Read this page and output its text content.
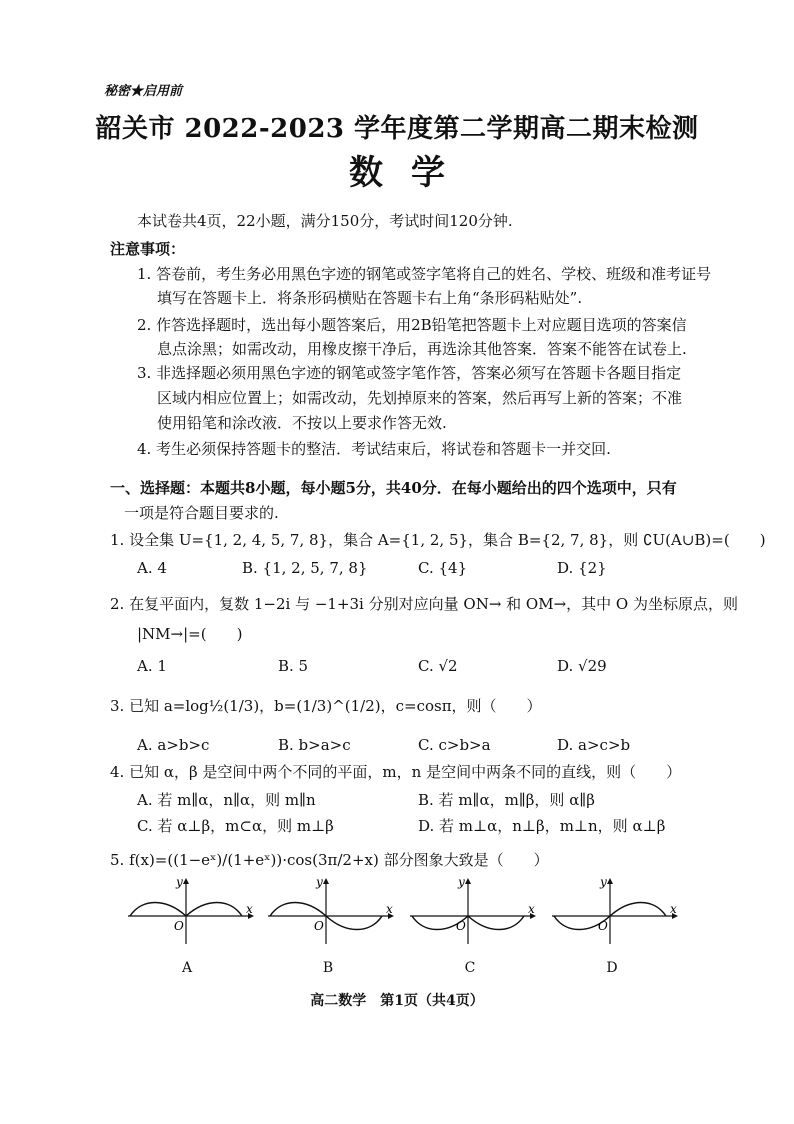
秘密★启用前
韶关市 2022-2023 学年度第二学期高二期末检测
数学
本试卷共4页，22小题，满分150分，考试时间120分钟.
注意事项：
1. 答卷前，考生务必用黑色字迹的钢笔或签字笔将自己的姓名、学校、班级和准考证号
填写在答题卡上．将条形码横贴在答题卡右上角“条形码粘贴处”.
2. 作答选择题时，选出每小题答案后，用2B铅笔把答题卡上对应题目选项的答案信
息点涂黑；如需改动，用橡皮擦干净后，再选涂其他答案．答案不能答在试卷上.
3. 非选择题必须用黑色字迹的钢笔或签字笔作答，答案必须写在答题卡各题目指定
区域内相应位置上；如需改动，先划掉原来的答案，然后再写上新的答案；不准
使用铅笔和涂改液．不按以上要求作答无效.
4. 考生必须保持答题卡的整洁．考试结束后，将试卷和答题卡一并交回.
一、选择题：本题共8小题，每小题5分，共40分．在每小题给出的四个选项中，只有
一项是符合题目要求的.
1. 设全集 U={1, 2, 4, 5, 7, 8}，集合 A={1, 2, 5}，集合 B={2, 7, 8}，则 ∁U(A∪B)=(　　)
A. 4	B. {1, 2, 5, 7, 8}	C. {4}	D. {2}
2. 在复平面内，复数 1−2i 与 −1+3i 分别对应向量 ON→ 和 OM→，其中 O 为坐标原点，则
|NM→|=(　　)
A. 1	B. 5	C. √2	D. √29
3. 已知 a=log½(1/3)，b=(1/3)^(1/2)，c=cosπ，则（　　）
A. a>b>c	B. b>a>c	C. c>b>a	D. a>c>b
4. 已知 α，β 是空间中两个不同的平面，m，n 是空间中两条不同的直线，则（　　）
A. 若 m∥α，n∥α，则 m∥n	B. 若 m∥α，m∥β，则 α∥β
C. 若 α⊥β，m⊂α，则 m⊥β	D. 若 m⊥α，n⊥β，m⊥n，则 α⊥β
5. f(x)=((1−eˣ)/(1+eˣ))·cos(3π/2+x) 部分图象大致是（　　）
y
x
O
y
x
O
y
x
O
y
x
O
A	B	C	D
高二数学　第1页（共4页）
